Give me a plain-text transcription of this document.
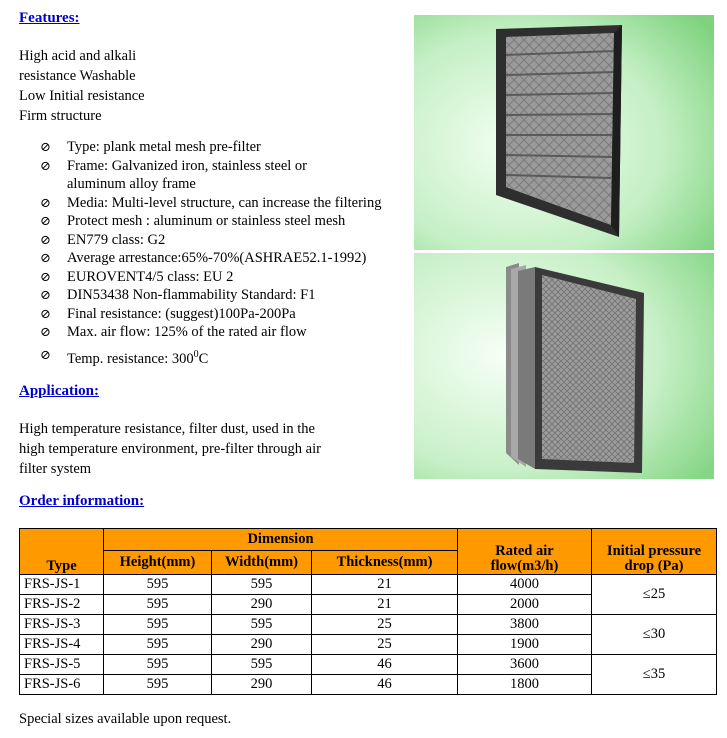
Features:
High acid and alkali
resistance Washable
Low Initial resistance
Firm structure
⊘ Type: plank metal mesh pre-filter
⊘ Frame: Galvanized iron, stainless steel or aluminum alloy frame
⊘ Media: Multi-level structure, can increase the filtering
⊘ Protect mesh : aluminum or stainless steel mesh
⊘ EN779 class: G2
⊘ Average arrestance:65%-70%(ASHRAE52.1-1992)
⊘ EUROVENT4/5 class: EU 2
⊘ DIN53438 Non-flammability Standard: F1
⊘ Final resistance: (suggest)100Pa-200Pa
⊘ Max. air flow: 125% of the rated air flow
⊘ Temp. resistance: $300^0C$
Application:
High temperature resistance, filter dust, used in the
high temperature environment, pre-filter through air
filter system
Order information:
Type	Dimension			Rated air flow(m3/h)	Initial pressure drop (Pa)
	Height(mm)	Width(mm)	Thickness(mm)		
FRS-JS-1	595	595	21	4000	≤25
FRS-JS-2	595	290	21	2000	
FRS-JS-3	595	595	25	3800	≤30
FRS-JS-4	595	290	25	1900	
FRS-JS-5	595	595	46	3600	≤35
FRS-JS-6	595	290	46	1800	
Special sizes available upon request.
